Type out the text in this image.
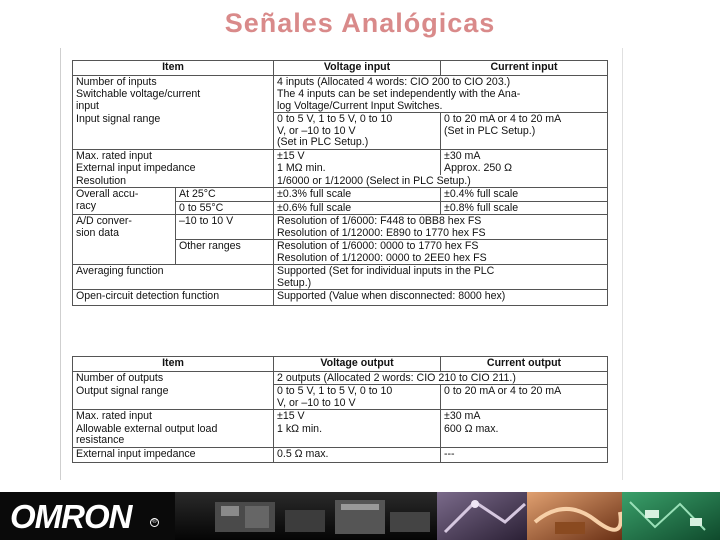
Señales Analógicas
Item		Voltage input	Current input
Number of inputs		4 inputs (Allocated 4 words: CIO 200 to CIO 203.)	

Switchable voltage/current
input		The 4 inputs can be set independently with the Ana-
log Voltage/Current Input Switches.	

Input signal range		0 to 5 V, 1 to 5 V, 0 to 10
V, or –10 to 10 V
(Set in PLC Setup.)	0 to 20 mA or 4 to 20 mA
(Set in PLC Setup.)

Max. rated input		±15 V	±30 mA
External input impedance		1 MΩ min.	Approx. 250 Ω
Resolution		1/6000 or 1/12000 (Select in PLC Setup.)	

Overall accu-
racy	At 25°C	±0.3% full scale	±0.4% full scale
	0 to 55°C	±0.6% full scale	±0.8% full scale

A/D conver-
sion data	–10 to 10 V	Resolution of 1/6000: F448 to 0BB8 hex FS
Resolution of 1/12000: E890 to 1770 hex FS	

	Other ranges	Resolution of 1/6000: 0000 to 1770 hex FS
Resolution of 1/12000: 0000 to 2EE0 hex FS	

Averaging function		Supported (Set for individual inputs in the PLC
Setup.)	

Open-circuit detection function		Supported (Value when disconnected: 8000 hex)	
Item	Voltage output	Current output
Number of outputs	2 outputs (Allocated 2 words: CIO 210 to CIO 211.)	
Output signal range	0 to 5 V, 1 to 5 V, 0 to 10
V, or –10 to 10 V	0 to 20 mA or 4 to 20 mA
Max. rated input	±15 V	±30 mA

Allowable external output load
resistance	1 kΩ min.	600 Ω max.
External input impedance	0.5 Ω max.	---
OMRON	®
